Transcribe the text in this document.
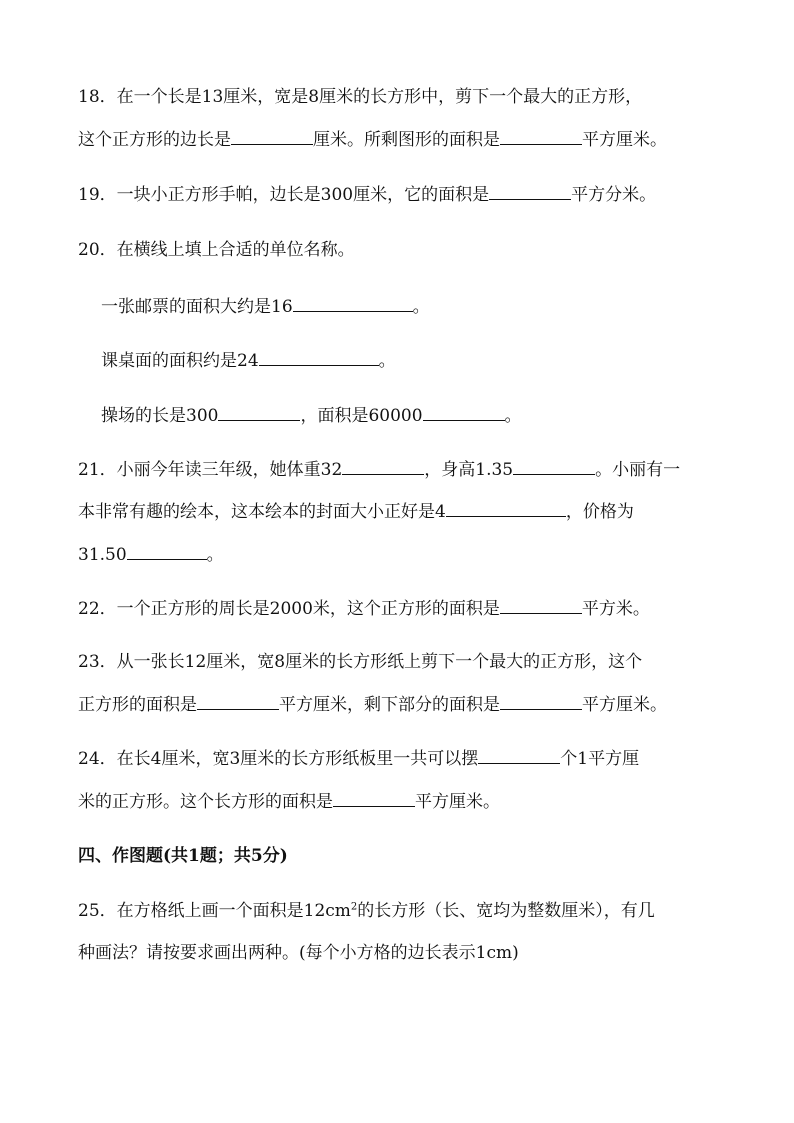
18．在一个长是13厘米，宽是8厘米的长方形中，剪下一个最大的正方形，
这个正方形的边长是	厘米。所剩图形的面积是	平方厘米。
19．一块小正方形手帕，边长是300厘米，它的面积是	平方分米。
20．在横线上填上合适的单位名称。
一张邮票的面积大约是16	。
课桌面的面积约是24	。
操场的长是300	，面积是60000	。
21．小丽今年读三年级，她体重32	，身高1.35	。小丽有一
本非常有趣的绘本，这本绘本的封面大小正好是4	，价格为
31.50	。
22．一个正方形的周长是2000米，这个正方形的面积是	平方米。
23．从一张长12厘米，宽8厘米的长方形纸上剪下一个最大的正方形，这个
正方形的面积是	平方厘米，剩下部分的面积是	平方厘米。
24．在长4厘米，宽3厘米的长方形纸板里一共可以摆	个1平方厘
米的正方形。这个长方形的面积是	平方厘米。
四、作图题(共1题；共5分)
25．在方格纸上画一个面积是$12cm^2$的长方形（长、宽均为整数厘米），有几
种画法？请按要求画出两种。(每个小方格的边长表示1cm)
